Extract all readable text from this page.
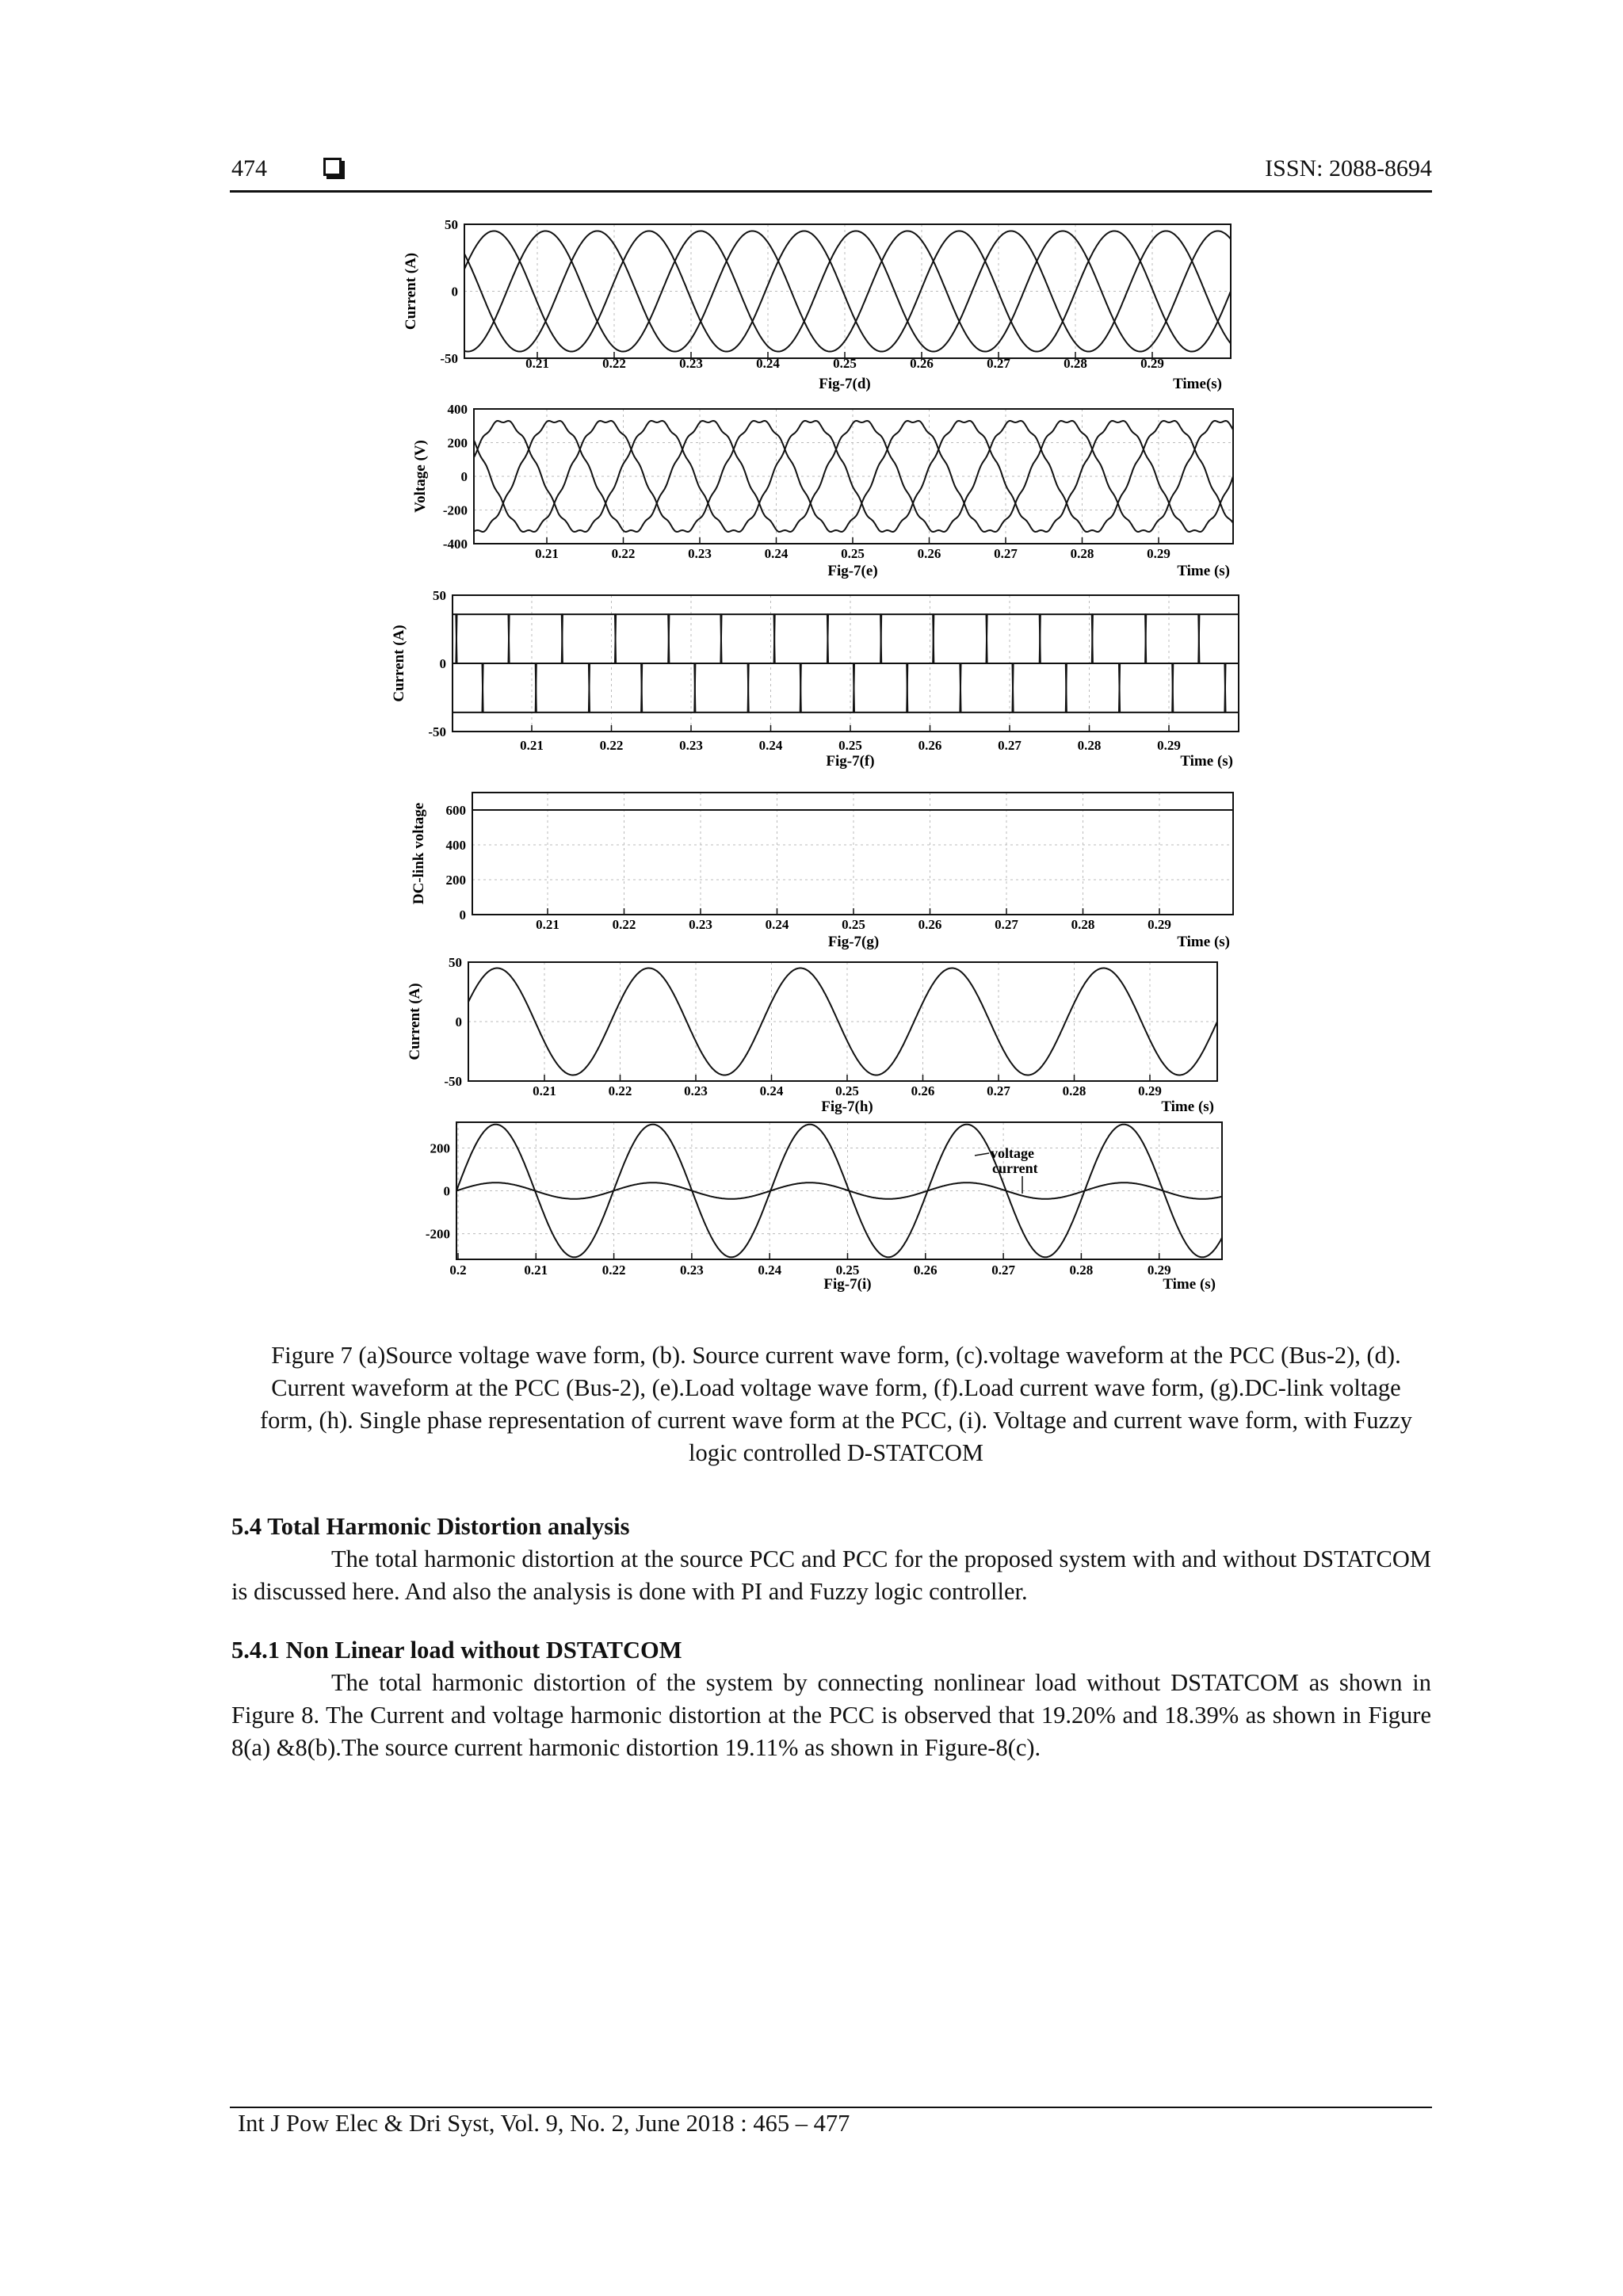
474	ISSN: 2088-8694
0.21	0.22	0.23	0.24	0.25	0.26	0.27	0.28	0.29
50
0
-50
Current (A)
Fig-7(d)	Time(s)
0.21	0.22	0.23	0.24	0.25	0.26	0.27	0.28	0.29
400
200
0
-200
-400
Voltage (V)
Fig-7(e)	Time (s)
0.21	0.22	0.23	0.24	0.25	0.26	0.27	0.28	0.29
50
0
-50
Current (A)
Fig-7(f)	Time (s)
0.21	0.22	0.23	0.24	0.25	0.26	0.27	0.28	0.29
600
400
200
0
DC-link voltage
Fig-7(g)	Time (s)
0.21	0.22	0.23	0.24	0.25	0.26	0.27	0.28	0.29
50
0
-50
Current (A)
Fig-7(h)	Time (s)
0.2	0.21	0.22	0.23	0.24	0.25	0.26	0.27	0.28	0.29
200
0
-200
Fig-7(i)	Time (s)
voltage
current
Figure 7 (a)Source voltage wave form, (b). Source current wave form, (c).voltage waveform at the PCC (Bus-2), (d). Current waveform at the PCC (Bus-2), (e).Load voltage wave form, (f).Load current wave form, (g).DC-link voltage form, (h). Single phase representation of current wave form at the PCC, (i). Voltage and current wave form, with Fuzzy logic controlled D-STATCOM
5.4 Total Harmonic Distortion analysis
The total harmonic distortion at the source PCC and PCC for the proposed system with and without DSTATCOM is discussed here. And also the analysis is done with PI and Fuzzy logic controller.
5.4.1 Non Linear load without DSTATCOM
The total harmonic distortion of the system by connecting nonlinear load without DSTATCOM as shown in Figure 8. The Current and voltage harmonic distortion at the PCC is observed that 19.20% and 18.39% as shown in Figure 8(a) &8(b).The source current harmonic distortion 19.11% as shown in Figure-8(c).
Int J Pow Elec & Dri Syst, Vol. 9, No. 2, June 2018 : 465 – 477
